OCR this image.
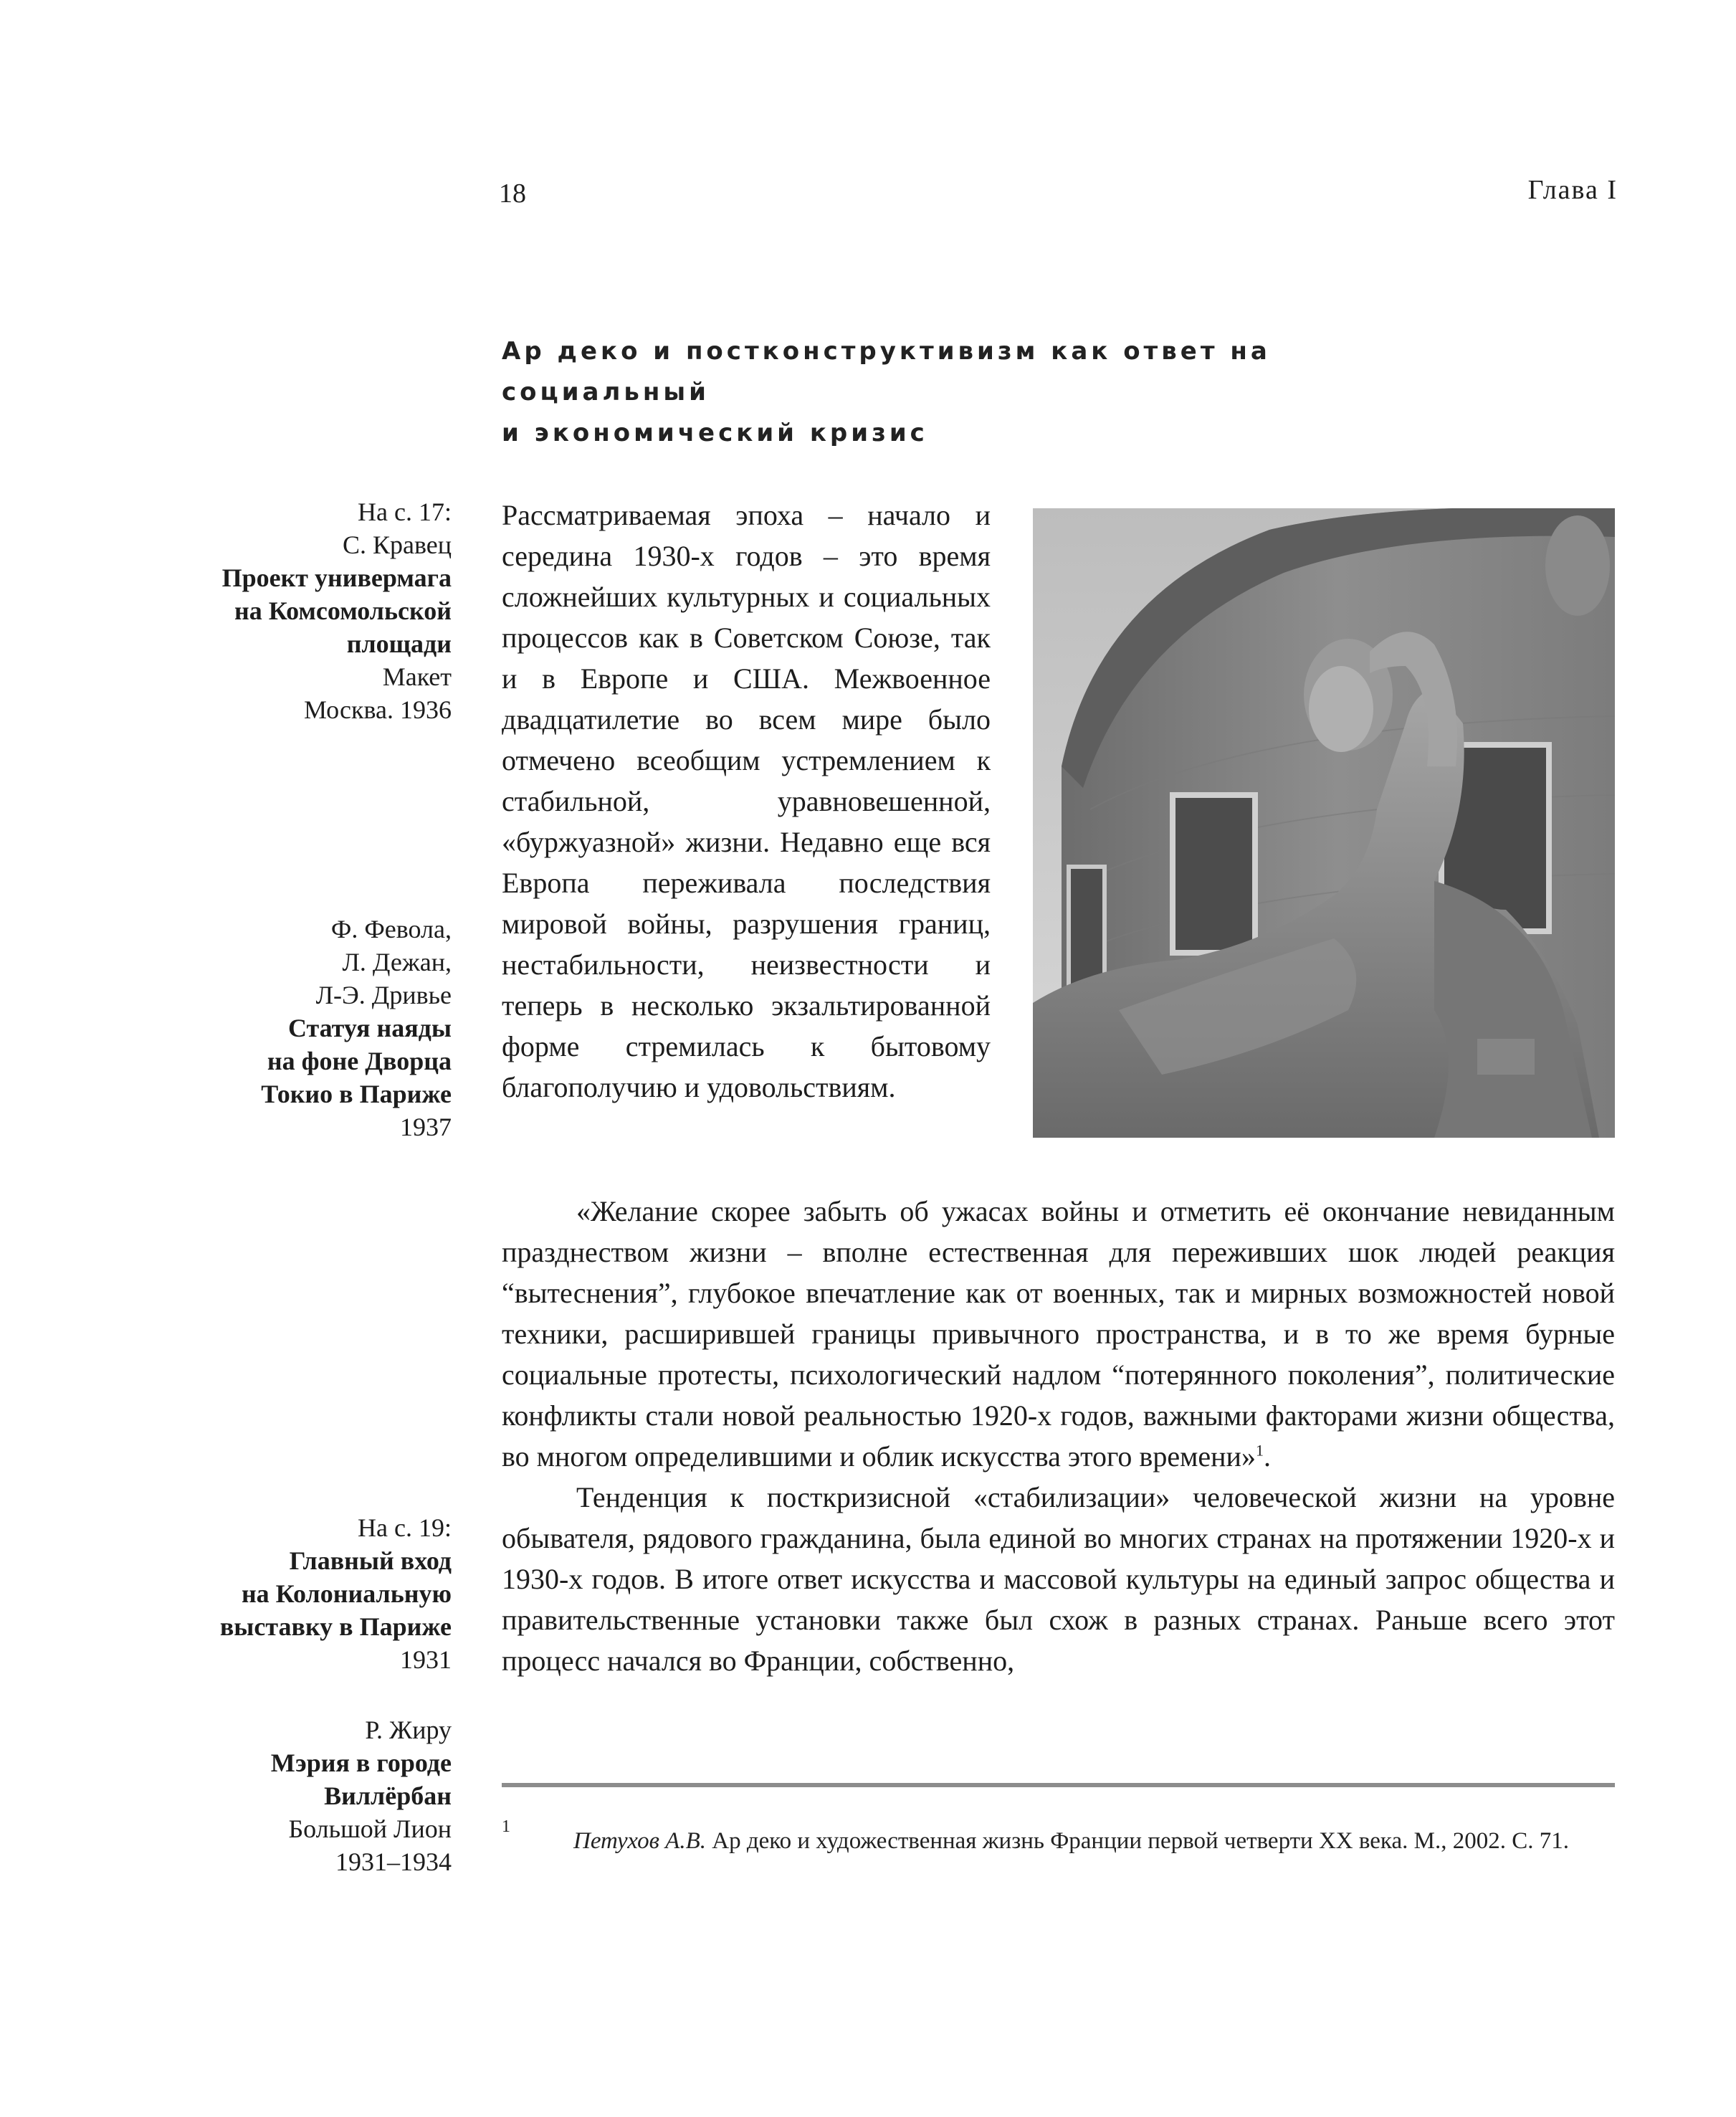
18	Глава I
Ар деко и постконструктивизм как ответ на социальный
и экономический кризис
На с. 17:
С. Кравец
Проект универмага
на Комсомольской
площади
Макет
Москва. 1936
Ф. Февола,
Л. Дежан,
Л-Э. Дривье
Статуя наяды
на фоне Дворца
Токио в Париже
1937
На с. 19:
Главный вход
на Колониальную
выставку в Париже
1931
Р. Жиру
Мэрия в городе
Виллёрбан
Большой Лион
1931–1934

Рассматриваемая эпоха – начало и середина 1930-х годов – это время сложнейших культурных и социальных процессов как в Советском Союзе, так и в Европе и США. Межвоенное двадцатилетие во всем мире было отмечено всеобщим устремлением к стабильной, уравновешенной, «буржуазной» жизни. Недавно еще вся Европа переживала последствия мировой войны, разрушения границ, нестабильности, неизвестности и теперь в несколько экзальтированной форме стремилась к бытовому благополучию и удовольствиям.

«Желание скорее забыть об ужасах войны и отметить её окончание невиданным празднеством жизни – вполне естественная для переживших шок людей реакция “вытеснения”, глубокое впечатление как от военных, так и мирных возможностей новой техники, расширившей границы привычного пространства, и в то же время бурные социальные протесты, психологический надлом “потерянного поколения”, политические конфликты стали новой реальностью 1920-х годов, важными факторами жизни общества, во многом определившими и облик искусства этого времени»$^1$.

Тенденция к посткризисной «стабилизации» человеческой жизни на уровне обывателя, рядового гражданина, была единой во многих странах на протяжении 1920-х и 1930-х годов. В итоге ответ искусства и массовой культуры на единый запрос общества и правительственные установки также был схож в разных странах. Раньше всего этот процесс начался во Франции, собственно,

1
Петухов А.В. Ар деко и художественная жизнь Франции первой четверти XX века. М., 2002. С. 71.
